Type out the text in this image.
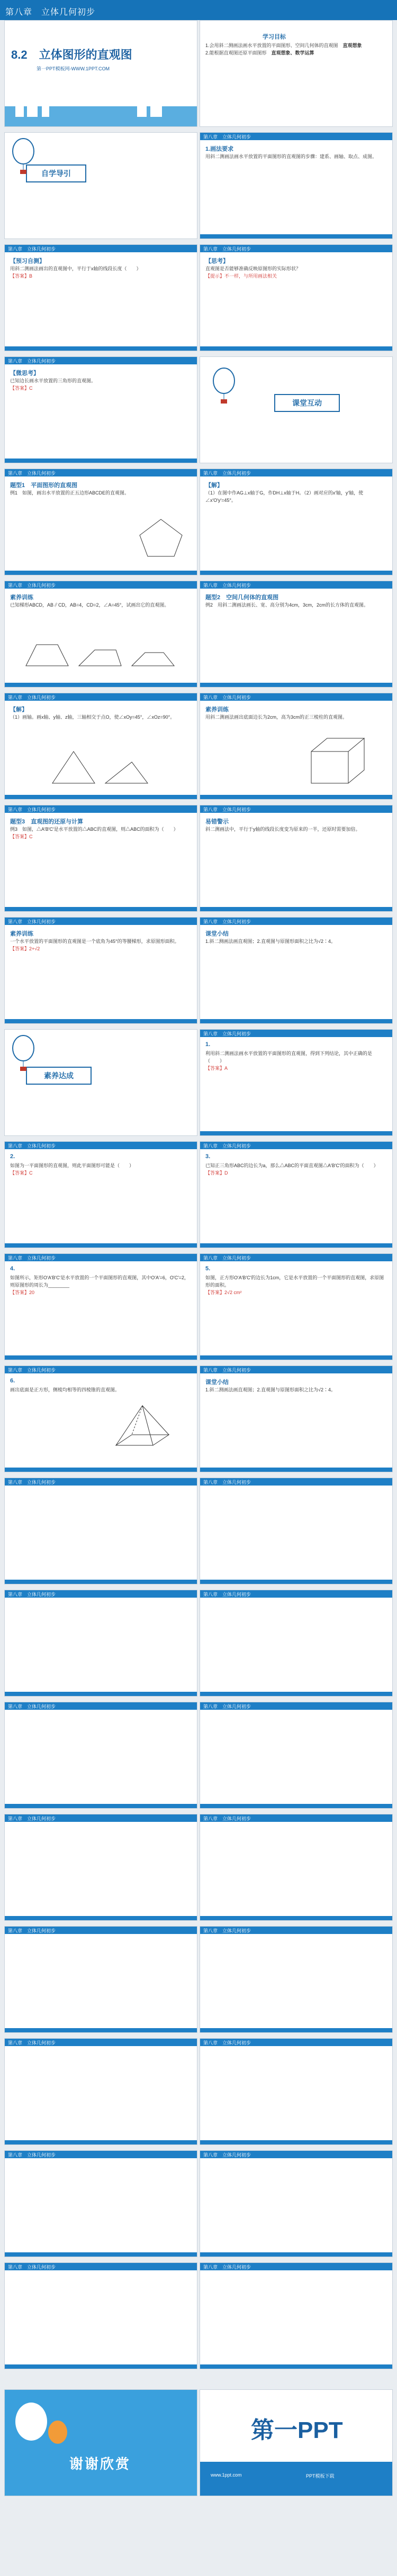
第八章　立体几何初步
8.2　立体图形的直观图
第一PPT模板网-WWW.1PPT.COM
学习目标
1.会用斜二测画法画水平放置的平面图形、空间几何体的直观图　 直观想象
2.能根据直观图还原平面图形　 直观想象、数学运算
自学导引
第八章　立体几何初步
1.画法要求
用斜二测画法画水平放置的平面图形的直观图的步骤：建系、画轴、取点、成图。
第八章　立体几何初步
【预习自测】
用斜二测画法画出的直观图中，平行于x轴的线段长度（　　）
【答案】B
第八章　立体几何初步
【思考】
直观图是否能够准确反映原图形的实际形状？
【提示】不一样，与所用画法相关
第八章　立体几何初步
【微思考】
已知边长画水平放置的三角形的直观图。
【答案】C
课堂互动
第八章　立体几何初步
题型1　平面图形的直观图
例1　如图，画出水平放置的正五边形ABCDE的直观图。
第八章　立体几何初步
【解】
（1）在图中作AG⊥x轴于G，作DH⊥x轴于H。（2）画对应的x′轴，y′轴，使∠x′O′y′=45°。
第八章　立体几何初步
素养训练
已知梯形ABCD，AB∥CD，AB=4，CD=2，∠A=45°，试画出它的直观图。
第八章　立体几何初步
题型2　空间几何体的直观图
例2　用斜二测画法画长、宽、高分别为4cm，3cm，2cm的长方体的直观图。
第八章　立体几何初步
【解】
（1）画轴。画x轴、y轴、z轴，三轴相交于点O，使∠xOy=45°，∠xOz=90°。
第八章　立体几何初步
素养训练
用斜二测画法画出底面边长为2cm，高为3cm的正三棱柱的直观图。
第八章　立体几何初步
题型3　直观图的还原与计算
例3　如图，△A′B′C′是水平放置的△ABC的直观图，则△ABC的面积为（　　）
【答案】C
第八章　立体几何初步
易错警示
斜二测画法中，平行于y轴的线段长度变为原来的一半，还原时需要加倍。
第八章　立体几何初步
素养训练
一个水平放置的平面图形的直观图是一个底角为45°的等腰梯形，求原图形面积。
【答案】2+√2
第八章　立体几何初步
课堂小结
1.斜二测画法画直观图；2.直观图与原图形面积之比为√2∶4。
素养达成
第八章　立体几何初步
1.
利用斜二测画法画水平放置的平面图形的直观图，得到下列结论，其中正确的是（　　）
【答案】A
第八章　立体几何初步
2.
如图为一平面图形的直观图，则此平面图形可能是（　　）
【答案】C
第八章　立体几何初步
3.
已知正三角形ABC的边长为a，那么△ABC的平面直观图△A′B′C′的面积为（　　）
【答案】D
第八章　立体几何初步
4.
如图所示，矩形O′A′B′C′是水平放置的一个平面图形的直观图，其中O′A′=6，O′C′=2，则原图形的周长为________
【答案】20
第八章　立体几何初步
5.
如图，正方形O′A′B′C′的边长为1cm，它是水平放置的一个平面图形的直观图，求原图形的面积。
【答案】2√2 cm²
第八章　立体几何初步
6.
画出底面是正方形，侧棱均相等的四棱锥的直观图。
第八章　立体几何初步
课堂小结
1.斜二测画法画直观图；2.直观图与原图形面积之比为√2∶4。
第八章　立体几何初步	第八章　立体几何初步
第八章　立体几何初步	第八章　立体几何初步
第八章　立体几何初步	第八章　立体几何初步
第八章　立体几何初步	第八章　立体几何初步
第八章　立体几何初步	第八章　立体几何初步
第八章　立体几何初步	第八章　立体几何初步
第八章　立体几何初步	第八章　立体几何初步
第八章　立体几何初步	第八章　立体几何初步
谢谢欣赏
第一PPT
www.1ppt.com	PPT模板下载
